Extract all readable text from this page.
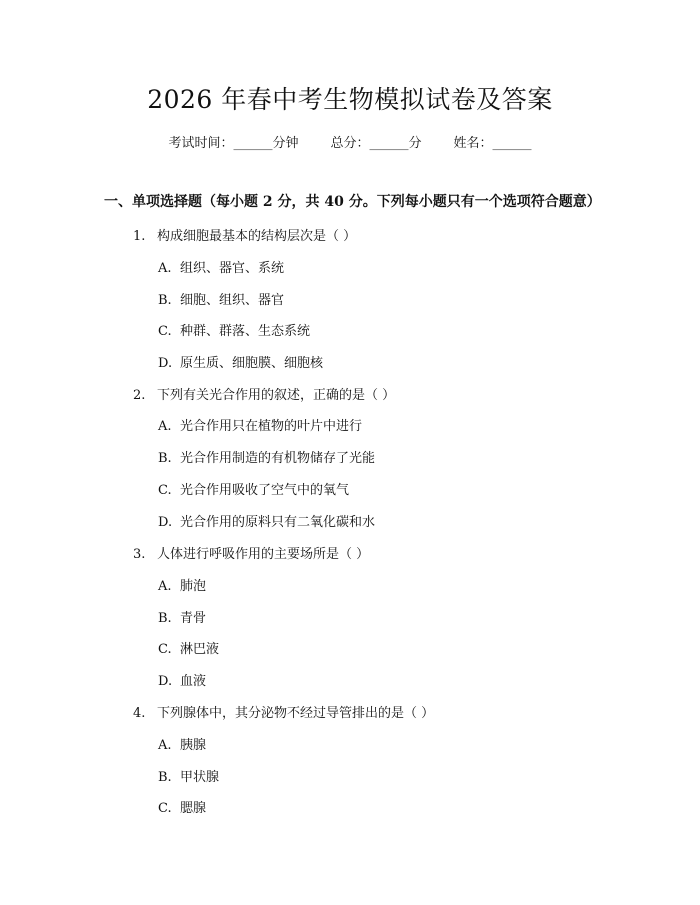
2026 年春中考生物模拟试卷及答案
考试时间：______分钟 总分：______分 姓名：______
一、单项选择题（每小题 2 分，共 40 分。下列每小题只有一个选项符合题意）
1. 构成细胞最基本的结构层次是（ ）
A. 组织、器官、系统
B. 细胞、组织、器官
C. 种群、群落、生态系统
D. 原生质、细胞膜、细胞核
2. 下列有关光合作用的叙述，正确的是（ ）
A. 光合作用只在植物的叶片中进行
B. 光合作用制造的有机物储存了光能
C. 光合作用吸收了空气中的氧气
D. 光合作用的原料只有二氧化碳和水
3. 人体进行呼吸作用的主要场所是（ ）
A. 肺泡
B. 青骨
C. 淋巴液
D. 血液
4. 下列腺体中，其分泌物不经过导管排出的是（ ）
A. 胰腺
B. 甲状腺
C. 腮腺
